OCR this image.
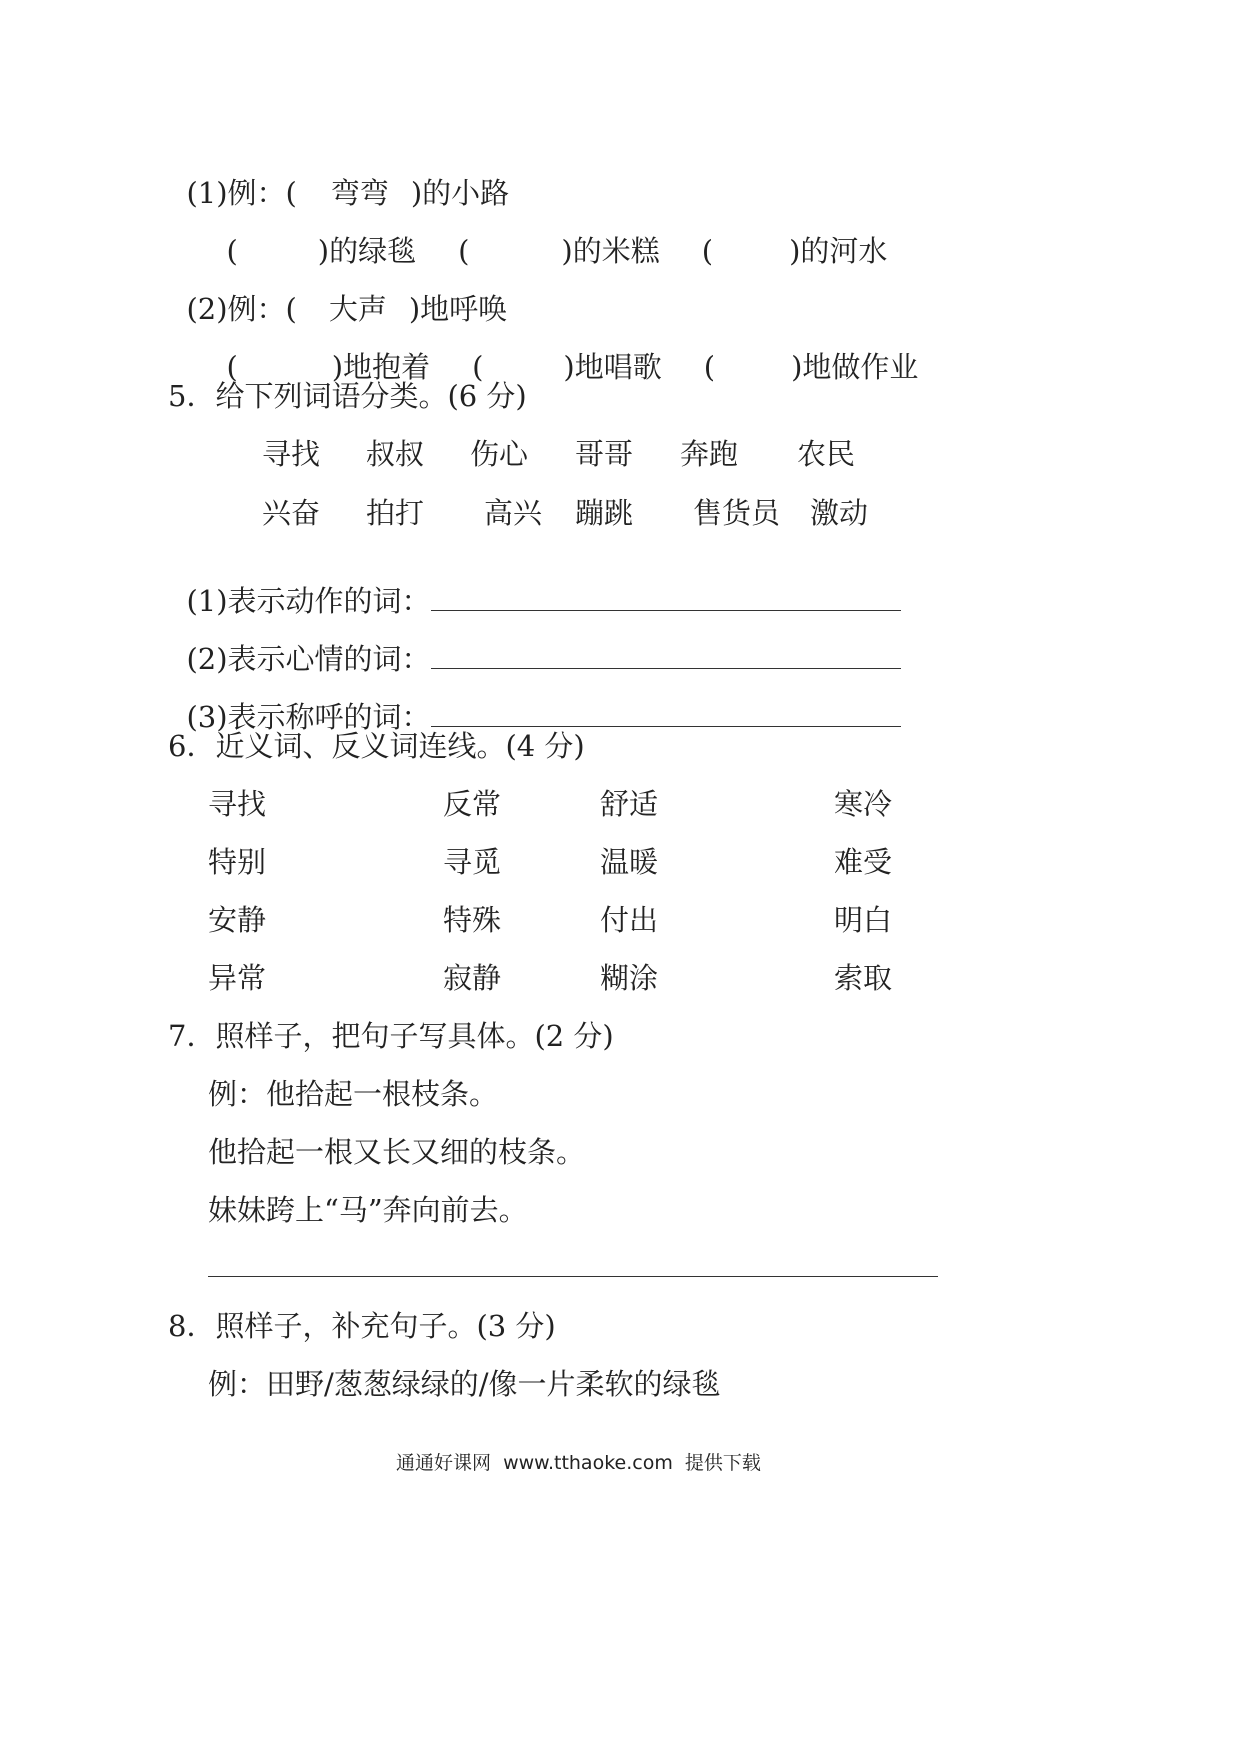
(1)例：( 弯弯 )的小路

(	)的绿毯 (	)的米糕 (	)的河水

(2)例：( 大声 )地呼唤

(	)地抱着 (	)地唱歌 (	)地做作业

5．给下列词语分类。(6 分)
寻找 叔叔 伤心 哥哥 奔跑 农民
兴奋 拍打 高兴 蹦跳 售货员 激动

(1)表示动作的词：

(2)表示心情的词：

(3)表示称呼的词：

6．近义词、反义词连线。(4 分)
寻找	反常	舒适	寒冷
特别	寻觅	温暖	难受
安静	特殊	付出	明白
异常	寂静	糊涂	索取
7．照样子，把句子写具体。(2 分)
例：他拾起一根枝条。
他拾起一根又长又细的枝条。
妹妹跨上“马”奔向前去。
8．照样子，补充句子。(3 分)
例：田野/葱葱绿绿的/像一片柔软的绿毯
通通好课网  www.tthaoke.com  提供下载
